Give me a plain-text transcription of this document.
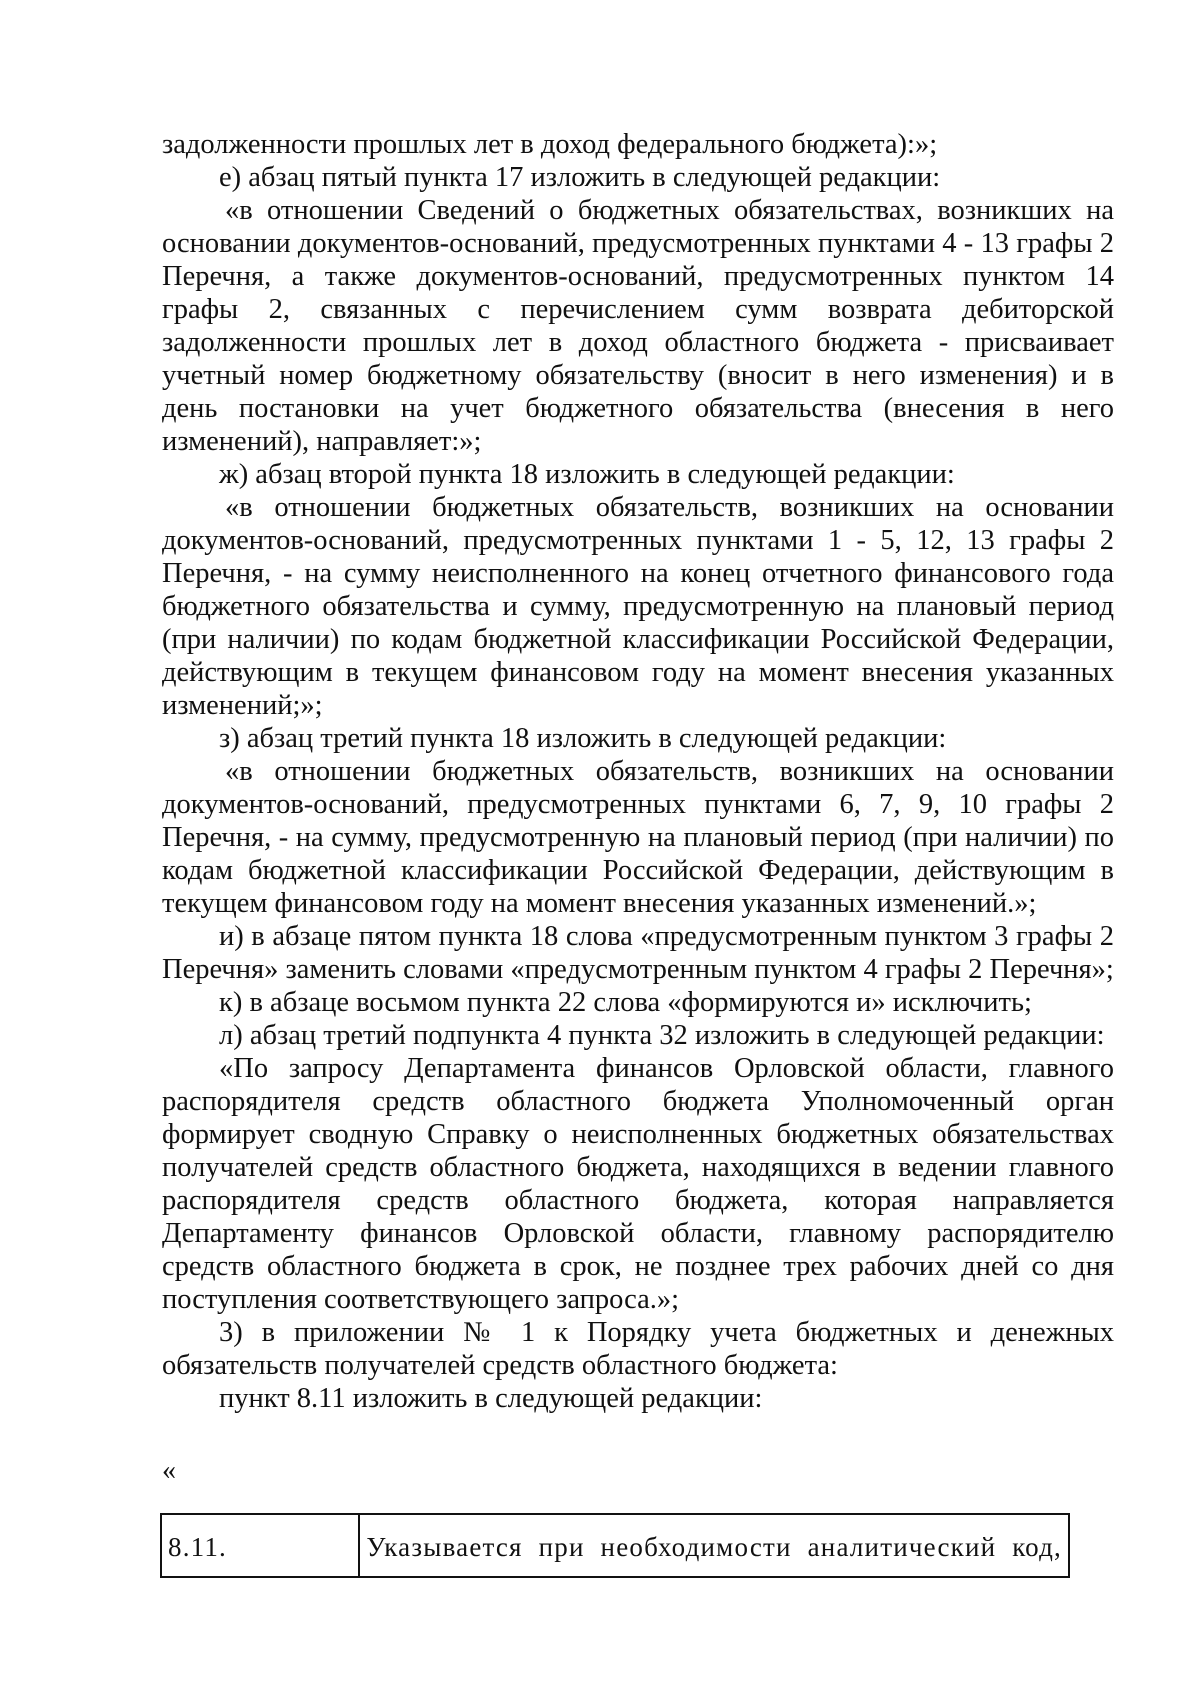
задолженности прошлых лет в доход федерального бюджета):»;

е) абзац пятый пункта 17 изложить в следующей редакции:

«в отношении Сведений о бюджетных обязательствах, возникших на основании документов-оснований, предусмотренных пунктами 4 - 13 графы 2 Перечня, а также документов-оснований, предусмотренных пунктом 14 графы 2, связанных с перечислением сумм возврата дебиторской задолженности прошлых лет в доход областного бюджета - присваивает учетный номер бюджетному обязательству (вносит в него изменения) и в день постановки на учет бюджетного обязательства (внесения в него изменений), направляет:»;

ж) абзац второй пункта 18 изложить в следующей редакции:

«в отношении бюджетных обязательств, возникших на основании документов-оснований, предусмотренных пунктами 1 - 5, 12, 13 графы 2 Перечня, - на сумму неисполненного на конец отчетного финансового года бюджетного обязательства и сумму, предусмотренную на плановый период (при наличии) по кодам бюджетной классификации Российской Федерации, действующим в текущем финансовом году на момент внесения указанных изменений;»;

з) абзац третий пункта 18 изложить в следующей редакции:

«в отношении бюджетных обязательств, возникших на основании документов-оснований, предусмотренных пунктами 6, 7, 9, 10 графы 2 Перечня, - на сумму, предусмотренную на плановый период (при наличии) по кодам бюджетной классификации Российской Федерации, действующим в текущем финансовом году на момент внесения указанных изменений.»;

и) в абзаце пятом пункта 18 слова «предусмотренным пунктом 3 графы 2 Перечня» заменить словами «предусмотренным пунктом 4 графы 2 Перечня»;

к) в абзаце восьмом пункта 22 слова «формируются и» исключить;

л) абзац третий подпункта 4 пункта 32 изложить в следующей редакции:

«По запросу Департамента финансов Орловской области, главного распорядителя средств областного бюджета Уполномоченный орган формирует сводную Справку о неисполненных бюджетных обязательствах получателей средств областного бюджета, находящихся в ведении главного распорядителя средств областного бюджета, которая направляется Департаменту финансов Орловской области, главному распорядителю средств областного бюджета в срок, не позднее трех рабочих дней со дня поступления соответствующего запроса.»;

3) в приложении № 1 к Порядку учета бюджетных и денежных обязательств получателей средств областного бюджета:

пункт 8.11 изложить в следующей редакции:

«
8.11.	Указывается при необходимости аналитический код,
